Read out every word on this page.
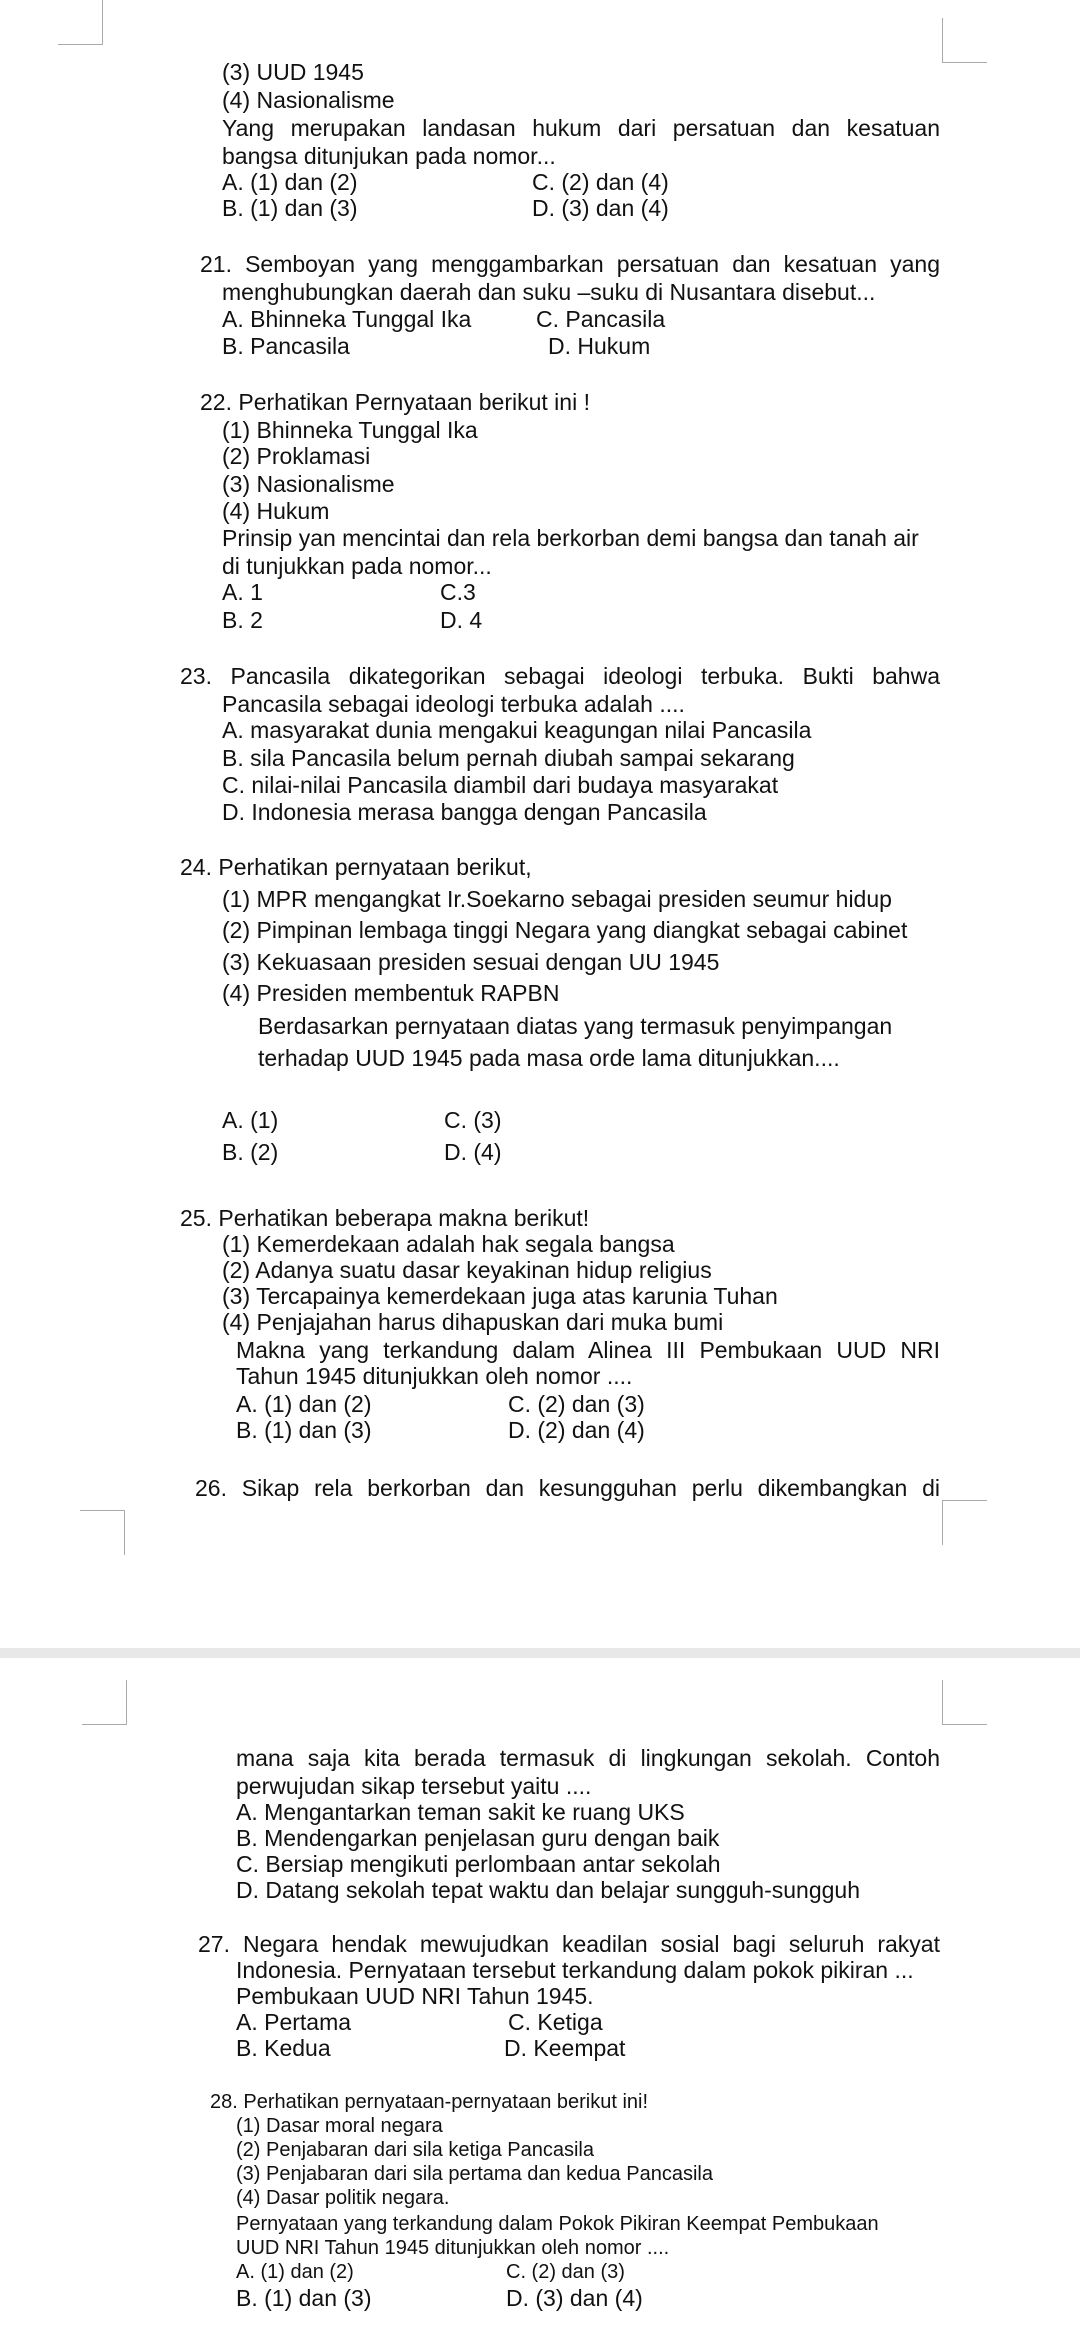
(3) UUD 1945
(4) Nasionalisme
Yang merupakan landasan hukum dari persatuan dan kesatuan
bangsa ditunjukan pada nomor...
A. (1) dan (2)	C. (2) dan (4)
B. (1) dan (3)	D. (3) dan (4)
21. Semboyan yang menggambarkan persatuan dan kesatuan yang
menghubungkan daerah dan suku –suku di Nusantara disebut...
A. Bhinneka Tunggal Ika	C. Pancasila
B. Pancasila	D. Hukum
22. Perhatikan Pernyataan berikut ini !
(1) Bhinneka Tunggal Ika
(2) Proklamasi
(3) Nasionalisme
(4) Hukum
Prinsip yan mencintai dan rela berkorban demi bangsa dan tanah air
di tunjukkan pada nomor...
A. 1	C.3
B. 2	D. 4
23. Pancasila dikategorikan sebagai ideologi terbuka. Bukti bahwa
Pancasila sebagai ideologi terbuka adalah ....
A. masyarakat dunia mengakui keagungan nilai Pancasila
B. sila Pancasila belum pernah diubah sampai sekarang
C. nilai-nilai Pancasila diambil dari budaya masyarakat
D. Indonesia merasa bangga dengan Pancasila
24. Perhatikan pernyataan berikut,
(1) MPR mengangkat Ir.Soekarno sebagai presiden seumur hidup
(2) Pimpinan lembaga tinggi Negara yang diangkat sebagai cabinet
(3) Kekuasaan presiden sesuai dengan UU 1945
(4) Presiden membentuk RAPBN
Berdasarkan pernyataan diatas yang termasuk penyimpangan
terhadap UUD 1945 pada masa orde lama ditunjukkan....
A. (1)	C. (3)
B. (2)	D. (4)
25. Perhatikan beberapa makna berikut!
(1) Kemerdekaan adalah hak segala bangsa
(2) Adanya suatu dasar keyakinan hidup religius
(3) Tercapainya kemerdekaan juga atas karunia Tuhan
(4) Penjajahan harus dihapuskan dari muka bumi
Makna yang terkandung dalam Alinea III Pembukaan UUD NRI
Tahun 1945 ditunjukkan oleh nomor ....
A. (1) dan (2)	C. (2) dan (3)
B. (1) dan (3)	D. (2) dan (4)
26. Sikap rela berkorban dan kesungguhan perlu dikembangkan di
mana saja kita berada termasuk di lingkungan sekolah. Contoh
perwujudan sikap tersebut yaitu ....
A. Mengantarkan teman sakit ke ruang UKS
B. Mendengarkan penjelasan guru dengan baik
C. Bersiap mengikuti perlombaan antar sekolah
D. Datang sekolah tepat waktu dan belajar sungguh-sungguh
27. Negara hendak mewujudkan keadilan sosial bagi seluruh rakyat
Indonesia. Pernyataan tersebut terkandung dalam pokok pikiran ...
Pembukaan UUD NRI Tahun 1945.
A. Pertama	C. Ketiga
B. Kedua	D. Keempat
28. Perhatikan pernyataan-pernyataan berikut ini!
(1) Dasar moral negara
(2) Penjabaran dari sila ketiga Pancasila
(3) Penjabaran dari sila pertama dan kedua Pancasila
(4) Dasar politik negara.
Pernyataan yang terkandung dalam Pokok Pikiran Keempat Pembukaan
UUD NRI Tahun 1945 ditunjukkan oleh nomor ....
A. (1) dan (2)	C. (2) dan (3)
B. (1) dan (3)	D. (3) dan (4)
